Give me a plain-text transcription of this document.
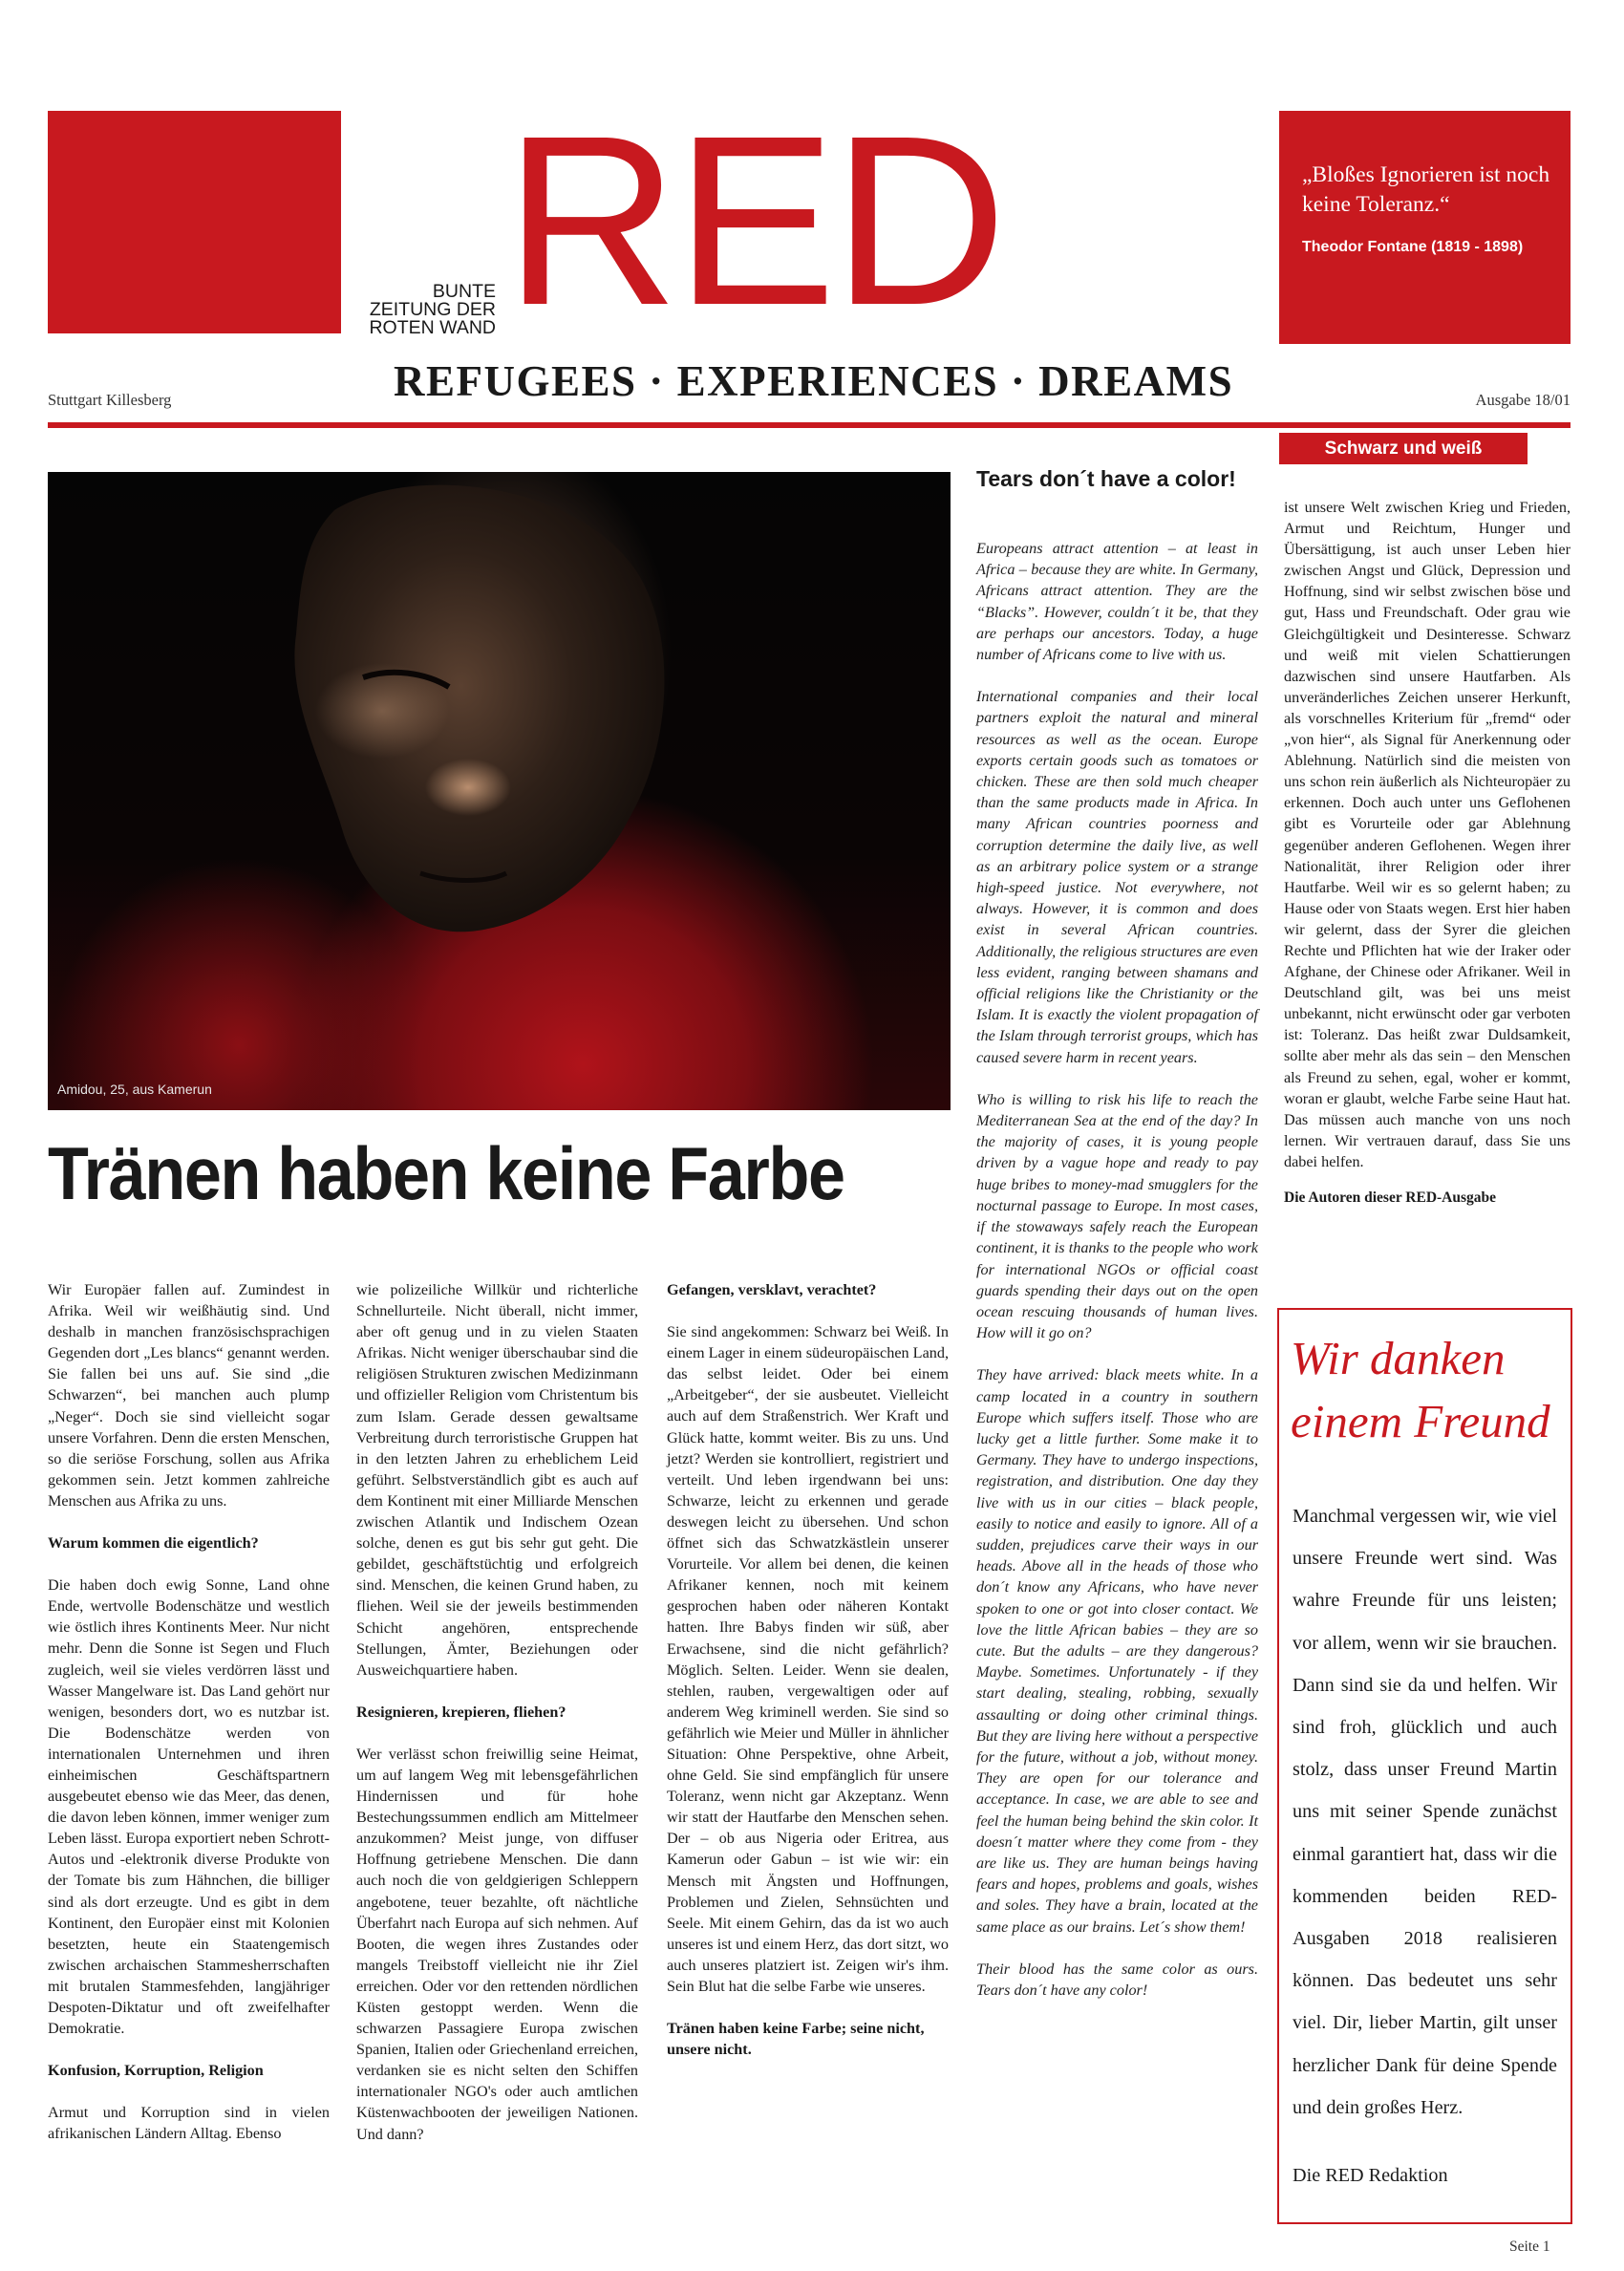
BUNTE
ZEITUNG DER
ROTEN WAND RED	„Bloßes Ignorieren ist noch keine Toleranz.“
Theodor Fontane (1819 - 1898)
Stuttgart Killesberg	REFUGEES · EXPERIENCES · DREAMS	Ausgabe 18/01
Schwarz und weiß
Amidou, 25, aus Kamerun
Tränen haben keine Farbe
Wir Europäer fallen auf. Zumindest in Afrika. Weil wir weißhäutig sind. Und deshalb in manchen französischsprachigen Gegenden dort „Les blancs“ genannt werden. Sie fallen bei uns auf. Sie sind „die Schwarzen“, bei manchen auch plump „Neger“. Doch sie sind vielleicht sogar unsere Vorfahren. Denn die ersten Menschen, so die seriöse Forschung, sollen aus Afrika gekommen sein. Jetzt kommen zahlreiche Menschen aus Afrika zu uns.
Warum kommen die eigentlich?
Die haben doch ewig Sonne, Land ohne Ende, wertvolle Bodenschätze und westlich wie östlich ihres Kontinents Meer. Nur nicht mehr. Denn die Sonne ist Segen und Fluch zugleich, weil sie vieles verdörren lässt und Wasser Mangelware ist. Das Land gehört nur wenigen, besonders dort, wo es nutzbar ist. Die Bodenschätze werden von internationalen Unternehmen und ihren einheimischen Geschäftspartnern ausgebeutet ebenso wie das Meer, das denen, die davon leben können, immer weniger zum Leben lässt. Europa exportiert neben Schrott-Autos und -elektronik diverse Produkte von der Tomate bis zum Hähnchen, die billiger sind als dort erzeugte. Und es gibt in dem Kontinent, den Europäer einst mit Kolonien besetzten, heute ein Staatengemisch zwischen archaischen Stammesherrschaften mit brutalen Stammesfehden, langjähriger Despoten-Diktatur und oft zweifelhafter Demokratie.
Konfusion, Korruption, Religion
Armut und Korruption sind in vielen afrikanischen Ländern Alltag. Ebenso
wie polizeiliche Willkür und richterliche Schnellurteile. Nicht überall, nicht immer, aber oft genug und in zu vielen Staaten Afrikas. Nicht weniger überschaubar sind die religiösen Strukturen zwischen Medizinmann und offizieller Religion vom Christentum bis zum Islam. Gerade dessen gewaltsame Verbreitung durch terroristische Gruppen hat in den letzten Jahren zu erheblichem Leid geführt. Selbstverständlich gibt es auch auf dem Kontinent mit einer Milliarde Menschen zwischen Atlantik und Indischem Ozean solche, denen es gut bis sehr gut geht. Die gebildet, geschäftstüchtig und erfolgreich sind. Menschen, die keinen Grund haben, zu fliehen. Weil sie der jeweils bestimmenden Schicht angehören, entsprechende Stellungen, Ämter, Beziehungen oder Ausweichquartiere haben.
Resignieren, krepieren, fliehen?
Wer verlässt schon freiwillig seine Heimat, um auf langem Weg mit lebensgefährlichen Hindernissen und für hohe Bestechungssummen endlich am Mittelmeer anzukommen? Meist junge, von diffuser Hoffnung getriebene Menschen. Die dann auch noch die von geldgierigen Schleppern angebotene, teuer bezahlte, oft nächtliche Überfahrt nach Europa auf sich nehmen. Auf Booten, die wegen ihres Zustandes oder mangels Treibstoff vielleicht nie ihr Ziel erreichen. Oder vor den rettenden nördlichen Küsten gestoppt werden. Wenn die schwarzen Passagiere Europa zwischen Spanien, Italien oder Griechenland erreichen, verdanken sie es nicht selten den Schiffen internationaler NGO's oder auch amtlichen Küstenwachbooten der jeweiligen Nationen. Und dann?
Gefangen, versklavt, verachtet?
Sie sind angekommen: Schwarz bei Weiß. In einem Lager in einem südeuropäischen Land, das selbst leidet. Oder bei einem „Arbeitgeber“, der sie ausbeutet. Vielleicht auch auf dem Straßenstrich. Wer Kraft und Glück hatte, kommt weiter. Bis zu uns. Und jetzt? Werden sie kontrolliert, registriert und verteilt. Und leben irgendwann bei uns: Schwarze, leicht zu erkennen und gerade deswegen leicht zu übersehen. Und schon öffnet sich das Schwatzkästlein unserer Vorurteile. Vor allem bei denen, die keinen Afrikaner kennen, noch mit keinem gesprochen haben oder näheren Kontakt hatten. Ihre Babys finden wir süß, aber Erwachsene, sind die nicht gefährlich? Möglich. Selten. Leider. Wenn sie dealen, stehlen, rauben, vergewaltigen oder auf anderem Weg kriminell werden. Sie sind so gefährlich wie Meier und Müller in ähnlicher Situation: Ohne Perspektive, ohne Arbeit, ohne Geld. Sie sind empfänglich für unsere Toleranz, wenn nicht gar Akzeptanz. Wenn wir statt der Hautfarbe den Menschen sehen. Der – ob aus Nigeria oder Eritrea, aus Kamerun oder Gabun – ist wie wir: ein Mensch mit Ängsten und Hoffnungen, Problemen und Zielen, Sehnsüchten und Seele. Mit einem Gehirn, das da ist wo auch unseres ist und einem Herz, das dort sitzt, wo auch unseres platziert ist. Zeigen wir's ihm. Sein Blut hat die selbe Farbe wie unseres.
Tränen haben keine Farbe; seine nicht, unsere nicht.
Tears don´t have a color!
Europeans attract attention – at least in Africa – because they are white. In Germany, Africans attract attention. They are the “Blacks”. However, couldn´t it be, that they are perhaps our ancestors. Today, a huge number of Africans come to live with us.
International companies and their local partners exploit the natural and mineral resources as well as the ocean. Europe exports certain goods such as tomatoes or chicken. These are then sold much cheaper than the same products made in Africa. In many African countries poorness and corruption determine the daily live, as well as an arbitrary police system or a strange high-speed justice. Not everywhere, not always. However, it is common and does exist in several African countries. Additionally, the religious structures are even less evident, ranging between shamans and official religions like the Christianity or the Islam. It is exactly the violent propagation of the Islam through terrorist groups, which has caused severe harm in recent years.
Who is willing to risk his life to reach the Mediterranean Sea at the end of the day? In the majority of cases, it is young people driven by a vague hope and ready to pay huge bribes to money-mad smugglers for the nocturnal passage to Europe. In most cases, if the stowaways safely reach the European continent, it is thanks to the people who work for international NGOs or official coast guards spending their days out on the open ocean rescuing thousands of human lives. How will it go on?
They have arrived: black meets white. In a camp located in a country in southern Europe which suffers itself. Those who are lucky get a little further. Some make it to Germany. They have to undergo inspections, registration, and distribution. One day they live with us in our cities – black people, easily to notice and easily to ignore. All of a sudden, prejudices carve their ways in our heads. Above all in the heads of those who don´t know any Africans, who have never spoken to one or got into closer contact. We love the little African babies – they are so cute. But the adults – are they dangerous? Maybe. Sometimes. Unfortunately - if they start dealing, stealing, robbing, sexually assaulting or doing other criminal things. But they are living here without a perspective for the future, without a job, without money. They are open for our tolerance and acceptance. In case, we are able to see and feel the human being behind the skin color. It doesn´t matter where they come from - they are like us. They are human beings having fears and hopes, problems and goals, wishes and soles. They have a brain, located at the same place as our brains. Let´s show them!
Their blood has the same color as ours. Tears don´t have any color!
ist unsere Welt zwischen Krieg und Frieden, Armut und Reichtum, Hunger und Übersättigung, ist auch unser Leben hier zwischen Angst und Glück, Depression und Hoffnung, sind wir selbst zwischen böse und gut, Hass und Freundschaft. Oder grau wie Gleichgültigkeit und Desinteresse. Schwarz und weiß mit vielen Schattierungen dazwischen sind unsere Hautfarben. Als unveränderliches Zeichen unserer Herkunft, als vorschnelles Kriterium für „fremd“ oder „von hier“, als Signal für Anerkennung oder Ablehnung. Natürlich sind die meisten von uns schon rein äußerlich als Nichteuropäer zu erkennen. Doch auch unter uns Geflohenen gibt es Vorurteile oder gar Ablehnung gegenüber anderen Geflohenen. Wegen ihrer Nationalität, ihrer Religion oder ihrer Hautfarbe. Weil wir es so gelernt haben; zu Hause oder von Staats wegen. Erst hier haben wir gelernt, dass der Syrer die gleichen Rechte und Pflichten hat wie der Iraker oder Afghane, der Chinese oder Afrikaner. Weil in Deutschland gilt, was bei uns meist unbekannt, nicht erwünscht oder gar verboten ist: Toleranz. Das heißt zwar Duldsamkeit, sollte aber mehr als das sein – den Menschen als Freund zu sehen, egal, woher er kommt, woran er glaubt, welche Farbe seine Haut hat. Das müssen auch manche von uns noch lernen. Wir vertrauen darauf, dass Sie uns dabei helfen.
Die Autoren dieser RED-Ausgabe
Wir danken
einem Freund
Manchmal vergessen wir, wie viel unsere Freunde wert sind. Was wahre Freunde für uns leisten; vor allem, wenn wir sie brauchen. Dann sind sie da und helfen. Wir sind froh, glücklich und auch stolz, dass unser Freund Martin uns mit seiner Spende zunächst einmal garantiert hat, dass wir die kommenden beiden RED-Ausgaben 2018 realisieren können. Das bedeutet uns sehr viel. Dir, lieber Martin, gilt unser herzlicher Dank für deine Spende und dein großes Herz.
Die RED Redaktion
Seite 1
